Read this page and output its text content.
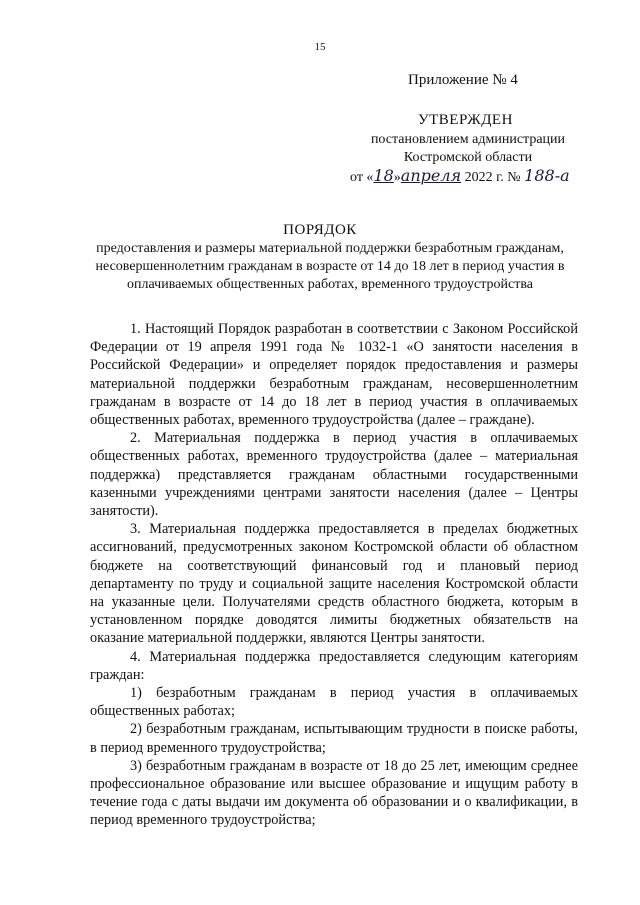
15
Приложение № 4
УТВЕРЖДЕН
постановлением администрации
Костромской области
от «18»апреля 2022 г. № 188-а
ПОРЯДОК
предоставления и размеры материальной поддержки безработным гражданам, несовершеннолетним гражданам в возрасте от 14 до 18 лет в период участия в оплачиваемых общественных работах, временного трудоустройства

1. Настоящий Порядок разработан в соответствии с Законом Российской Федерации от 19 апреля 1991 года № 1032-1 «О занятости населения в Российской Федерации» и определяет порядок предоставления и размеры материальной поддержки безработным гражданам, несовершеннолетним гражданам в возрасте от 14 до 18 лет в период участия в оплачиваемых общественных работах, временного трудоустройства (далее – граждане).

2. Материальная поддержка в период участия в оплачиваемых общественных работах, временного трудоустройства (далее – материальная поддержка) представляется гражданам областными государственными казенными учреждениями центрами занятости населения (далее – Центры занятости).

3. Материальная поддержка предоставляется в пределах бюджетных ассигнований, предусмотренных законом Костромской области об областном бюджете на соответствующий финансовый год и плановый период департаменту по труду и социальной защите населения Костромской области на указанные цели. Получателями средств областного бюджета, которым в установленном порядке доводятся лимиты бюджетных обязательств на оказание материальной поддержки, являются Центры занятости.

4. Материальная поддержка предоставляется следующим категориям граждан:

1) безработным гражданам в период участия в оплачиваемых общественных работах;

2) безработным гражданам, испытывающим трудности в поиске работы, в период временного трудоустройства;

3) безработным гражданам в возрасте от 18 до 25 лет, имеющим среднее профессиональное образование или высшее образование и ищущим работу в течение года с даты выдачи им документа об образовании и о квалификации, в период временного трудоустройства;
